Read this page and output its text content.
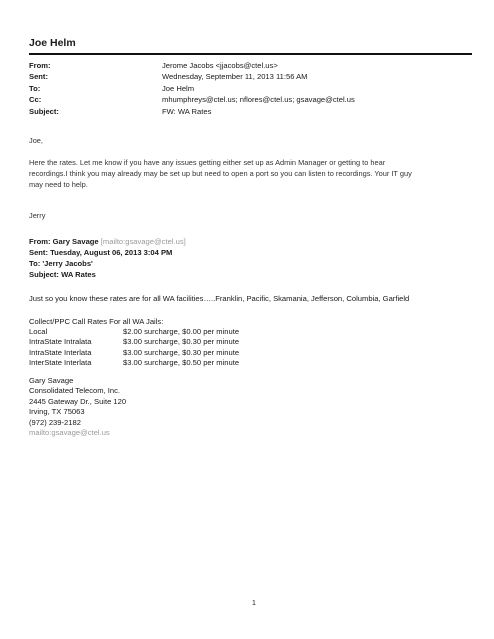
Joe Helm
From:	Jerome Jacobs <jjacobs@ctel.us>
Sent:	Wednesday, September 11, 2013 11:56 AM
To:	Joe Helm
Cc:	mhumphreys@ctel.us; nflores@ctel.us; gsavage@ctel.us
Subject:	FW: WA Rates
Joe,
Here the rates. Let me know if you have any issues getting either set up as Admin Manager or getting to hear
recordings.I think you may already may be set up but need to open a port so you can listen to recordings. Your IT guy
may need to help.
Jerry
From: Gary Savage [mailto:gsavage@ctel.us]
Sent: Tuesday, August 06, 2013 3:04 PM
To: 'Jerry Jacobs'
Subject: WA Rates
Just so you know these rates are for all WA facilities…..Franklin, Pacific, Skamania, Jefferson, Columbia, Garfield
Collect/PPC Call Rates For all WA Jails:
Local	$2.00 surcharge, $0.00 per minute
IntraState Intralata	$3.00 surcharge, $0.30 per minute
IntraState Interlata	$3.00 surcharge, $0.30 per minute
InterState Interlata	$3.00 surcharge, $0.50 per minute
Gary Savage
Consolidated Telecom, Inc.
2445 Gateway Dr., Suite 120
Irving, TX 75063
(972) 239-2182
mailto:gsavage@ctel.us
1
